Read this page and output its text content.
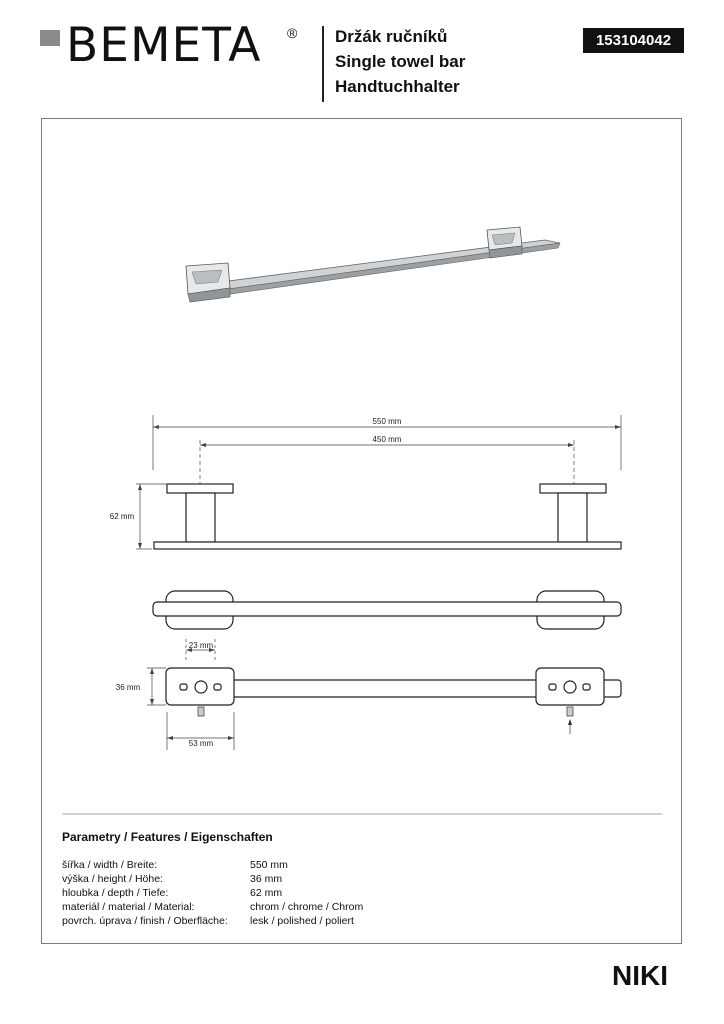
BEMETA ® Držák ručníků
Single towel bar
Handtuchhalter
153104042
550 mm
450 mm
62 mm
23 mm
36 mm
53 mm
Parametry / Features / Eigenschaften
šířka / width / Breite:	550 mm
výška / height / Höhe:	36 mm
hloubka / depth / Tiefe:	62 mm
materiál / material / Material:	chrom / chrome / Chrom
povrch. úprava / finish / Oberfläche:	lesk / polished / poliert
NIKI
